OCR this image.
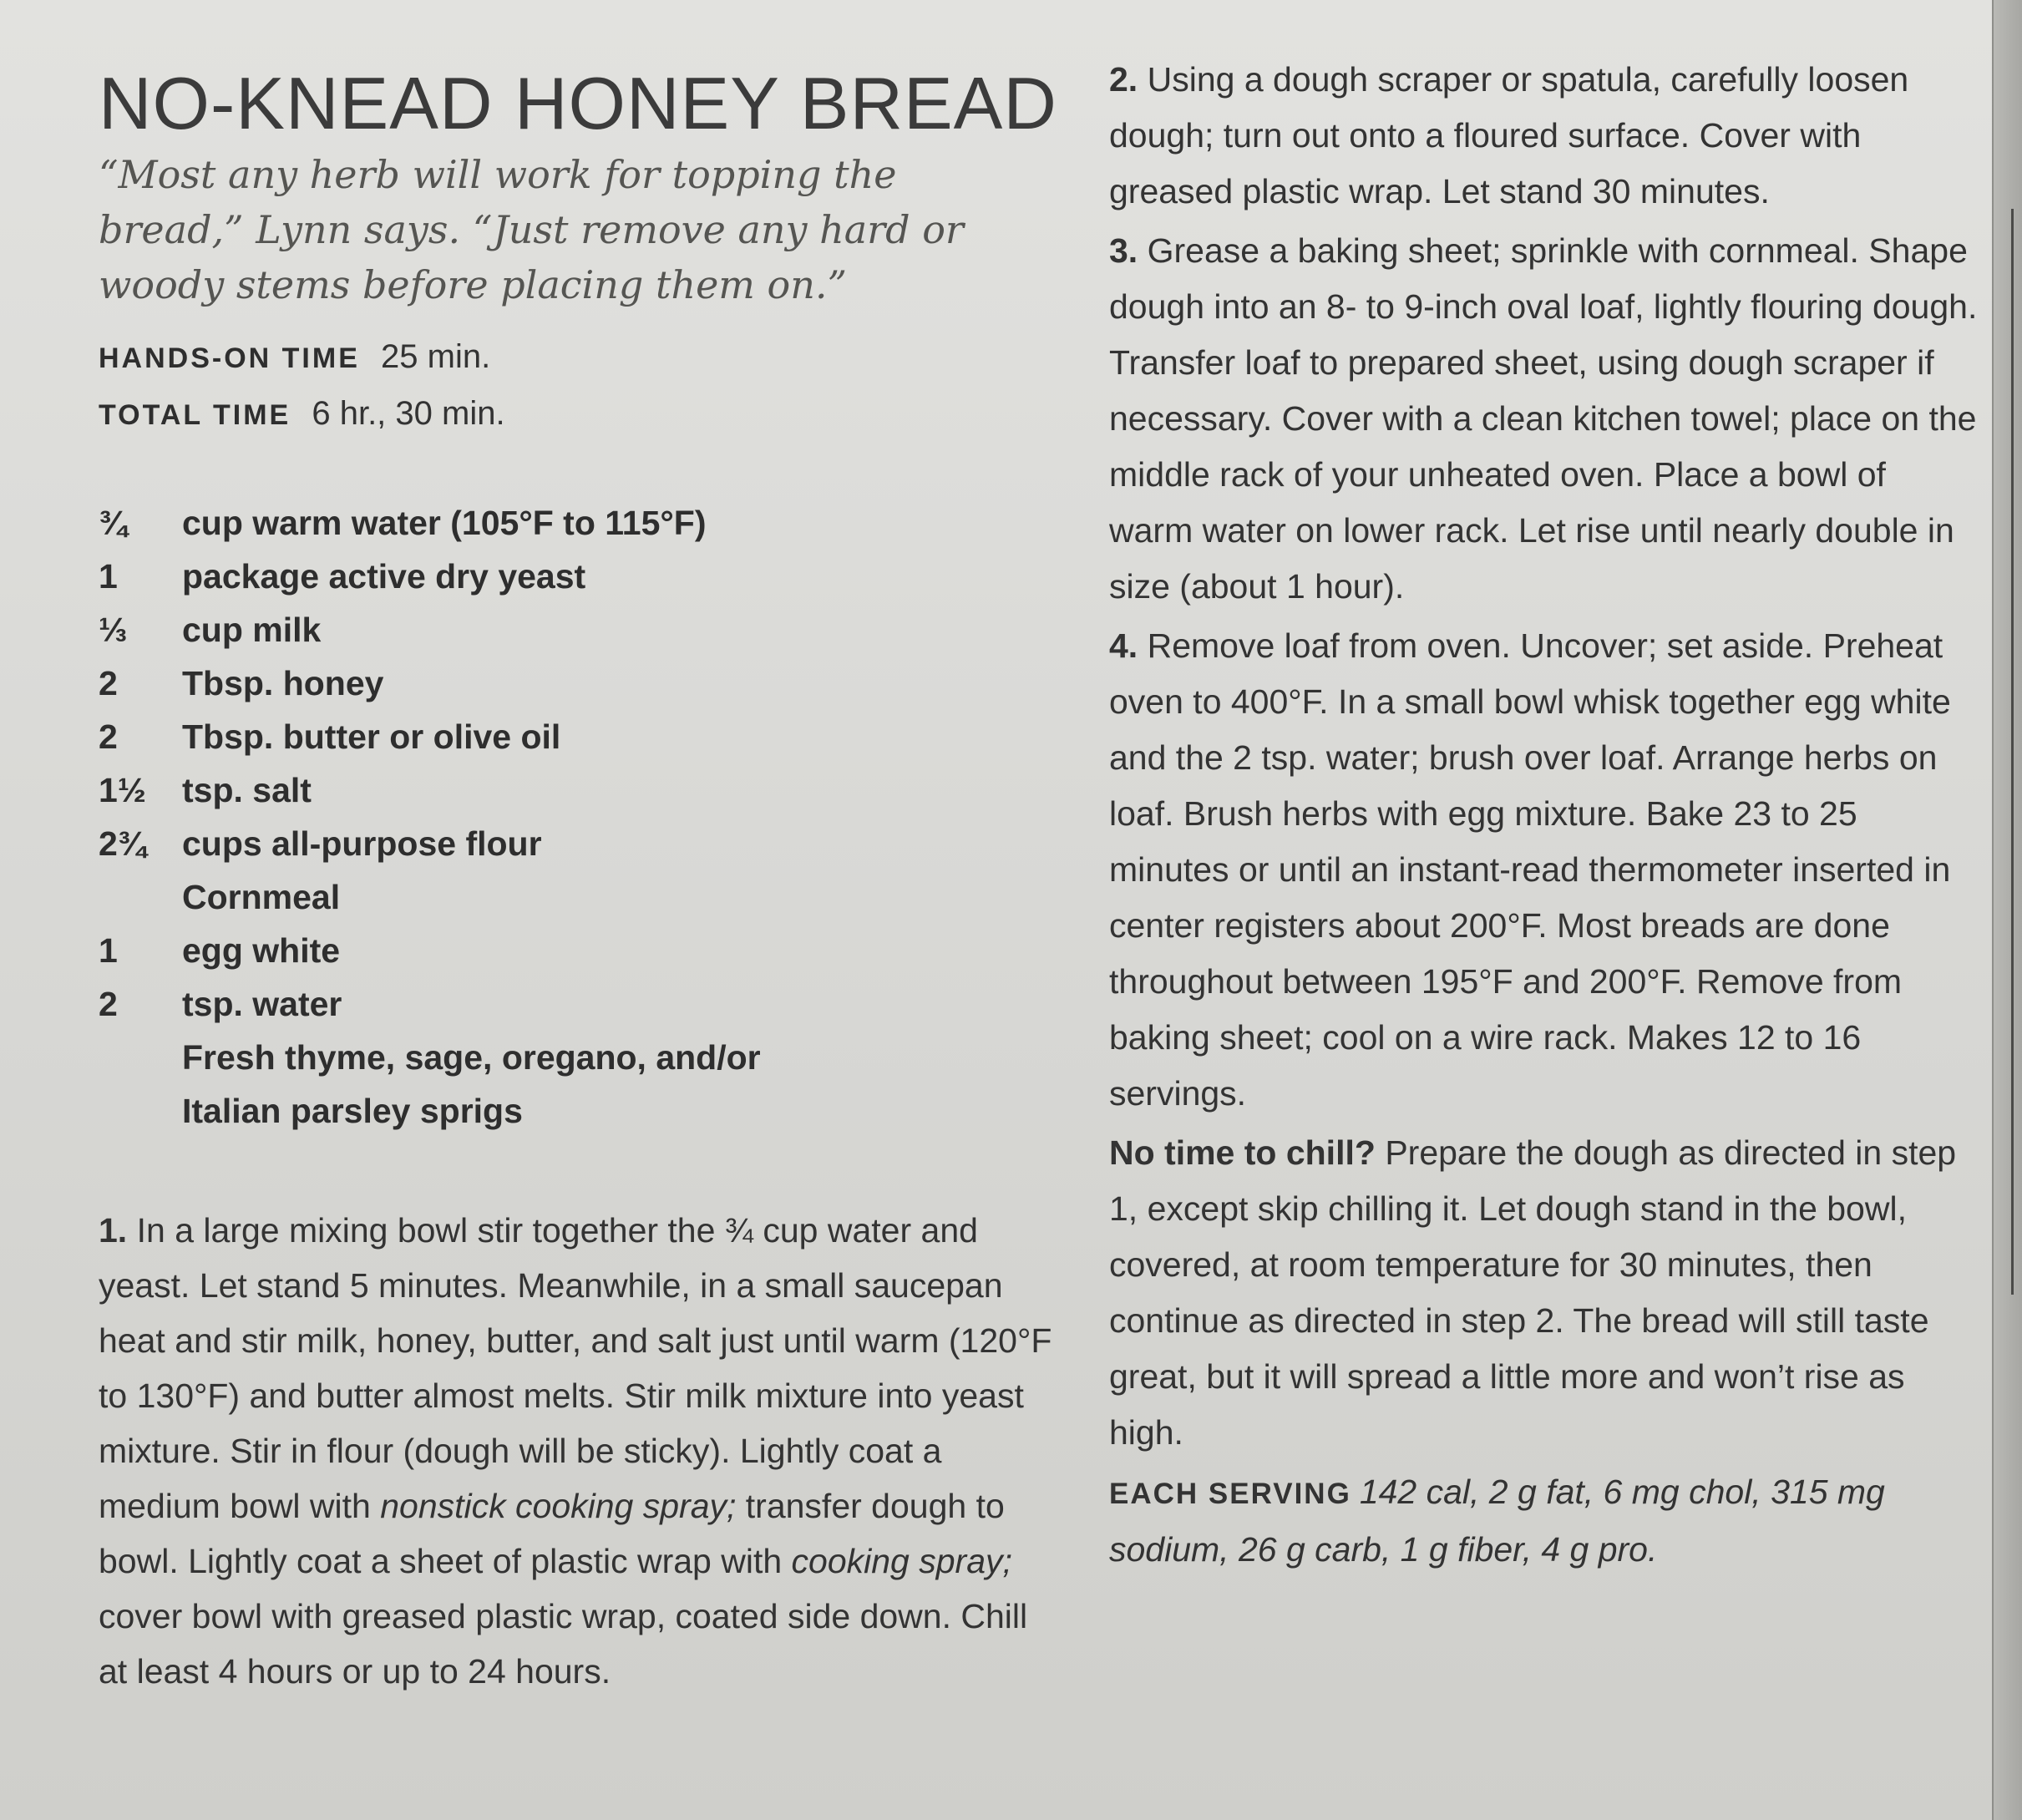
NO-KNEAD HONEY BREAD

“Most any herb will work for topping the bread,” Lynn says. “Just remove any hard or woody stems before placing them on.”

HANDS-ON TIME 25 min.
TOTAL TIME 6 hr., 30 min.
¾	cup warm water (105°F to 115°F)
1	package active dry yeast
⅓	cup milk
2	Tbsp. honey
2	Tbsp. butter or olive oil
1½	tsp. salt
2¾	cups all-purpose flour
Cornmeal
1	egg white
2	tsp. water
Fresh thyme, sage, oregano, and/or
Italian parsley sprigs

1. In a large mixing bowl stir together the ¾ cup water and yeast. Let stand 5 minutes. Meanwhile, in a small saucepan heat and stir milk, honey, butter, and salt just until warm (120°F to 130°F) and butter almost melts. Stir milk mixture into yeast mixture. Stir in flour (dough will be sticky). Lightly coat a medium bowl with nonstick cooking spray; transfer dough to bowl. Lightly coat a sheet of plastic wrap with cooking spray; cover bowl with greased plastic wrap, coated side down. Chill at least 4 hours or up to 24 hours.

2. Using a dough scraper or spatula, carefully loosen dough; turn out onto a floured surface. Cover with greased plastic wrap. Let stand 30 minutes.

3. Grease a baking sheet; sprinkle with cornmeal. Shape dough into an 8- to 9-inch oval loaf, lightly flouring dough. Transfer loaf to prepared sheet, using dough scraper if necessary. Cover with a clean kitchen towel; place on the middle rack of your unheated oven. Place a bowl of warm water on lower rack. Let rise until nearly double in size (about 1 hour).

4. Remove loaf from oven. Uncover; set aside. Preheat oven to 400°F. In a small bowl whisk together egg white and the 2 tsp. water; brush over loaf. Arrange herbs on loaf. Brush herbs with egg mixture. Bake 23 to 25 minutes or until an instant-read thermometer inserted in center registers about 200°F. Most breads are done throughout between 195°F and 200°F. Remove from baking sheet; cool on a wire rack. Makes 12 to 16 servings.

No time to chill? Prepare the dough as directed in step 1, except skip chilling it. Let dough stand in the bowl, covered, at room temperature for 30 minutes, then continue as directed in step 2. The bread will still taste great, but it will spread a little more and won’t rise as high.

EACH SERVING 142 cal, 2 g fat, 6 mg chol, 315 mg sodium, 26 g carb, 1 g fiber, 4 g pro.
